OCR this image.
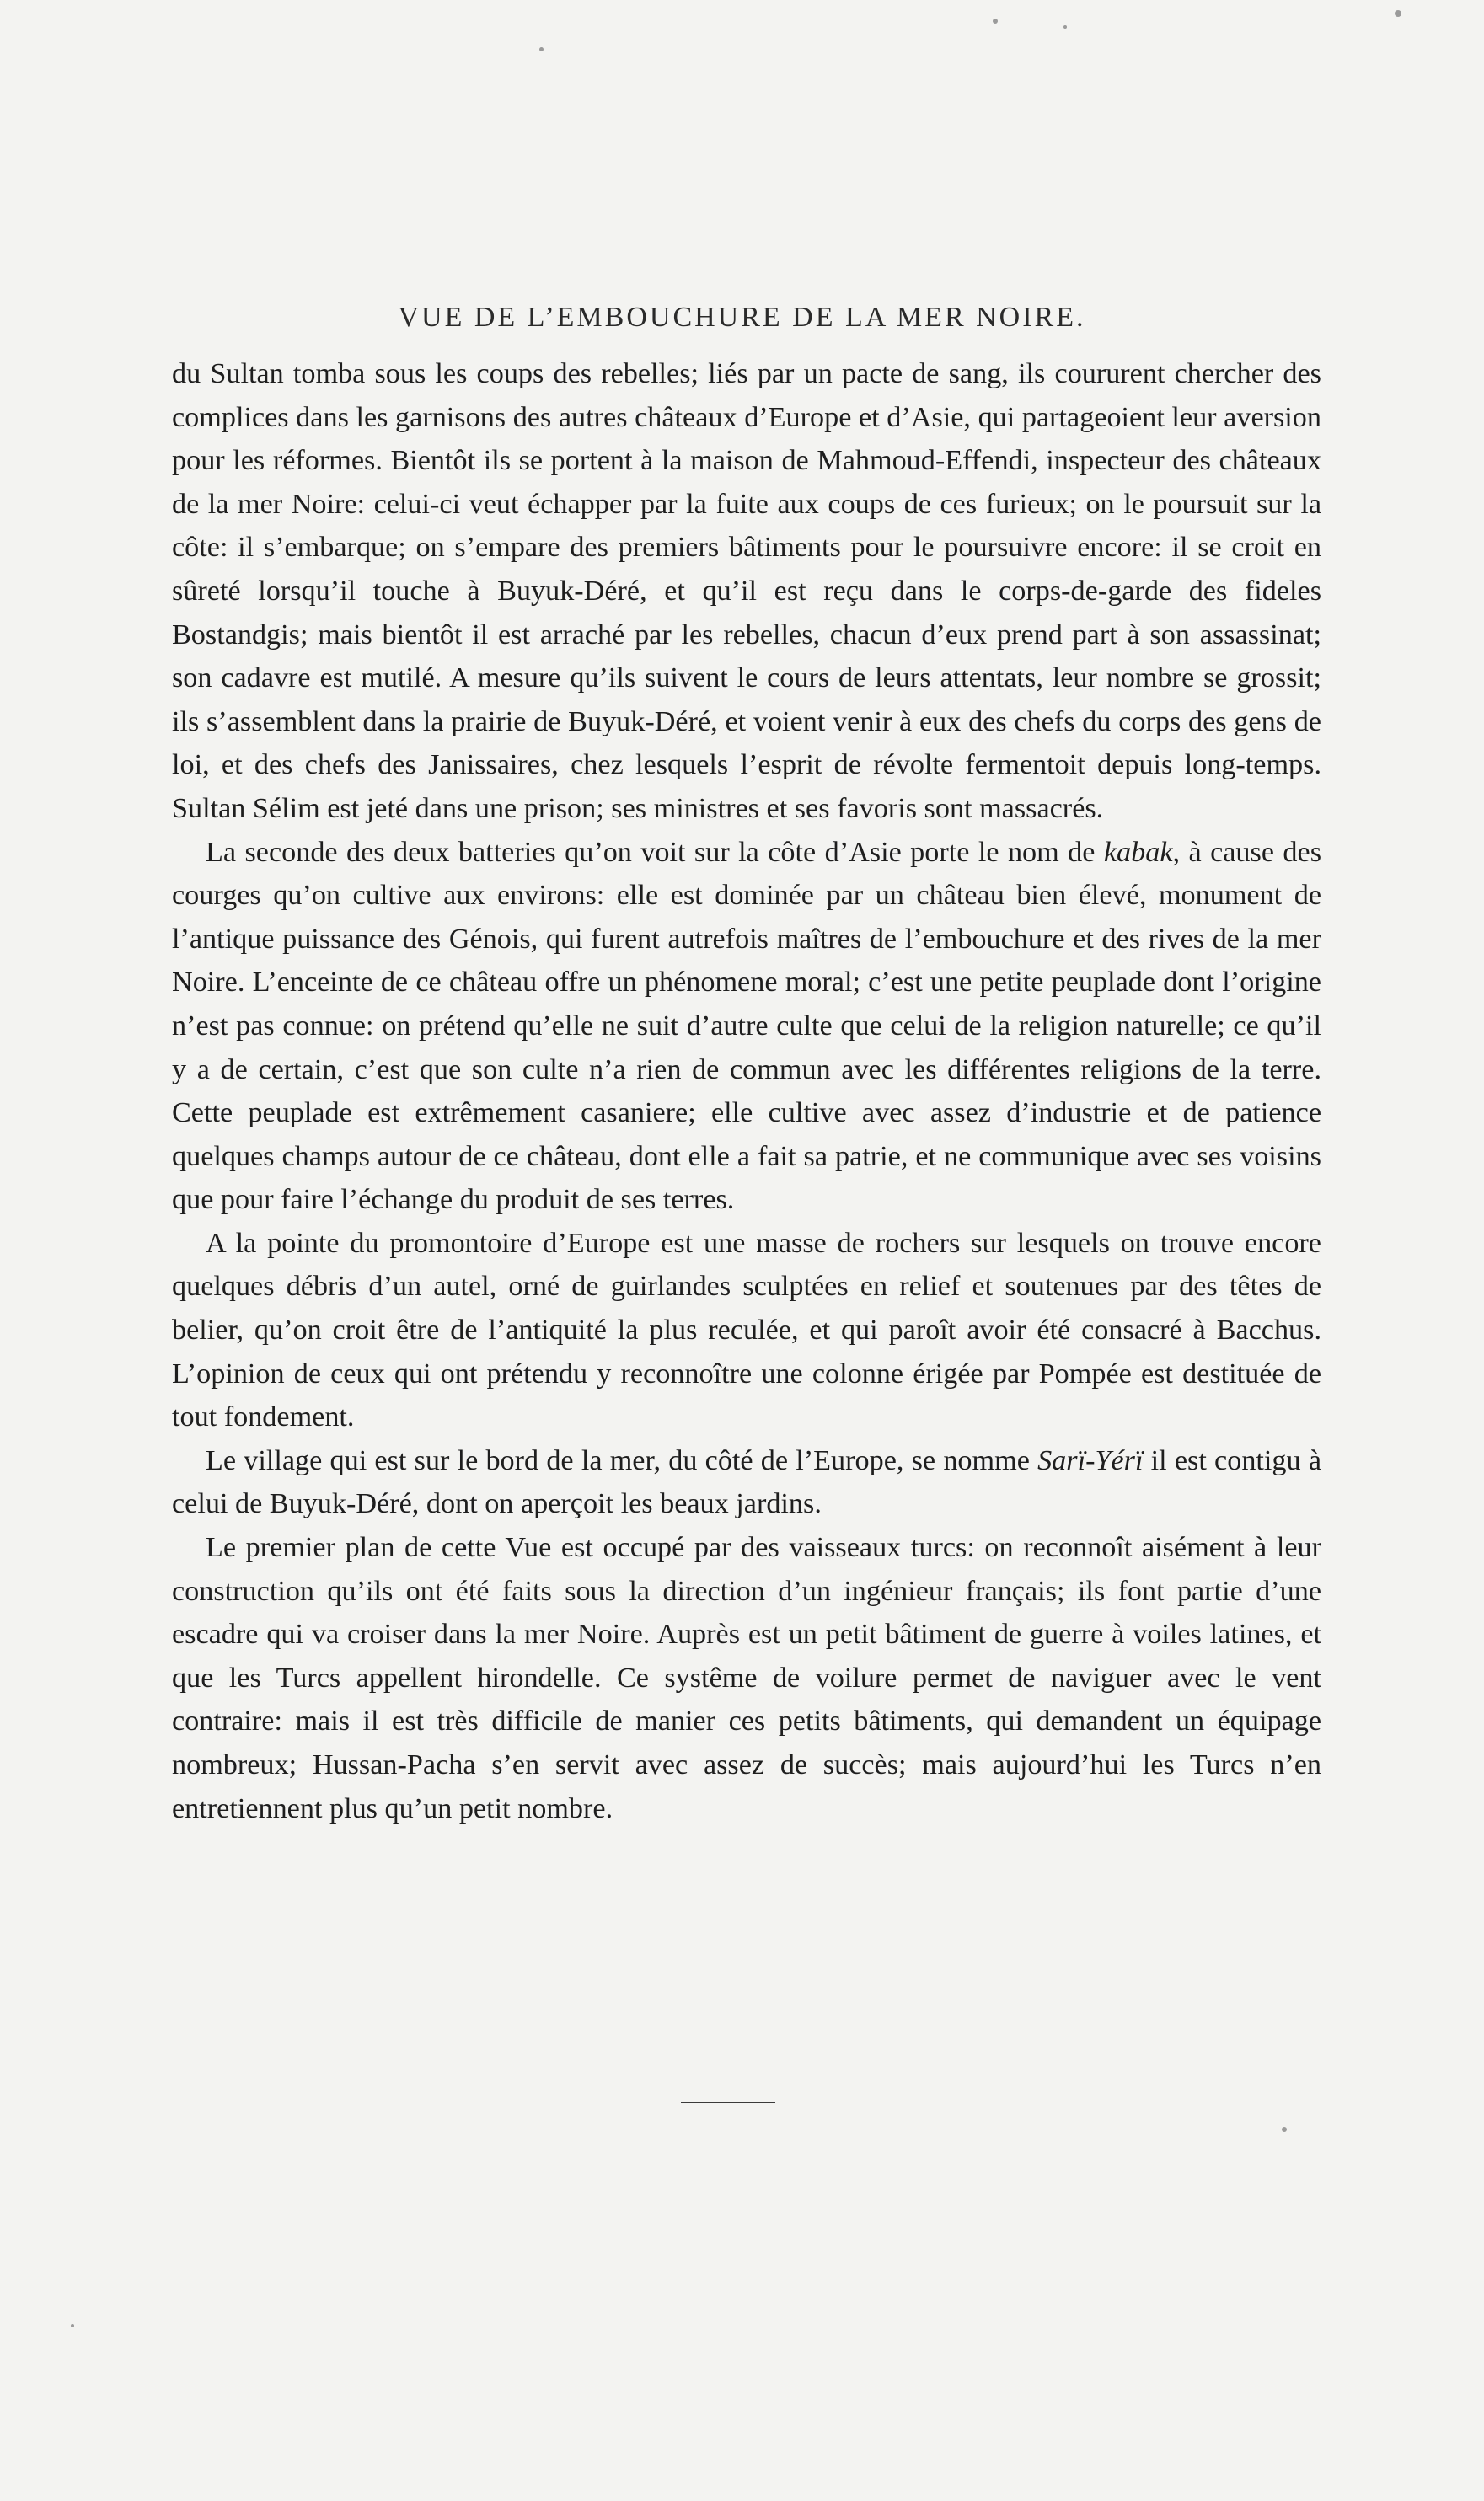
VUE DE L’EMBOUCHURE DE LA MER NOIRE.

du Sultan tomba sous les coups des rebelles; liés par un pacte de sang, ils coururent chercher des complices dans les garnisons des autres châteaux d’Europe et d’Asie, qui partageoient leur aversion pour les réformes. Bientôt ils se portent à la maison de Mahmoud-Effendi, inspecteur des châteaux de la mer Noire: celui-ci veut échapper par la fuite aux coups de ces furieux; on le poursuit sur la côte: il s’embarque; on s’empare des premiers bâtiments pour le poursuivre encore: il se croit en sûreté lorsqu’il touche à Buyuk-Déré, et qu’il est reçu dans le corps-de-garde des fideles Bostandgis; mais bientôt il est arraché par les rebelles, chacun d’eux prend part à son assassinat; son cadavre est mutilé. A mesure qu’ils suivent le cours de leurs attentats, leur nombre se grossit; ils s’assemblent dans la prairie de Buyuk-Déré, et voient venir à eux des chefs du corps des gens de loi, et des chefs des Janissaires, chez lesquels l’esprit de révolte fermentoit depuis long-temps. Sultan Sélim est jeté dans une prison; ses ministres et ses favoris sont massacrés.

La seconde des deux batteries qu’on voit sur la côte d’Asie porte le nom de kabak, à cause des courges qu’on cultive aux environs: elle est dominée par un château bien élevé, monument de l’antique puissance des Génois, qui furent autrefois maîtres de l’embouchure et des rives de la mer Noire. L’enceinte de ce château offre un phénomene moral; c’est une petite peuplade dont l’origine n’est pas connue: on prétend qu’elle ne suit d’autre culte que celui de la religion naturelle; ce qu’il y a de certain, c’est que son culte n’a rien de commun avec les différentes religions de la terre. Cette peuplade est extrêmement casaniere; elle cultive avec assez d’industrie et de patience quelques champs autour de ce château, dont elle a fait sa patrie, et ne communique avec ses voisins que pour faire l’échange du produit de ses terres.

A la pointe du promontoire d’Europe est une masse de rochers sur lesquels on trouve encore quelques débris d’un autel, orné de guirlandes sculptées en relief et soutenues par des têtes de belier, qu’on croit être de l’antiquité la plus reculée, et qui paroît avoir été consacré à Bacchus. L’opinion de ceux qui ont prétendu y reconnoître une colonne érigée par Pompée est destituée de tout fondement.

Le village qui est sur le bord de la mer, du côté de l’Europe, se nomme Sarï-Yérï il est contigu à celui de Buyuk-Déré, dont on aperçoit les beaux jardins.

Le premier plan de cette Vue est occupé par des vaisseaux turcs: on reconnoît aisément à leur construction qu’ils ont été faits sous la direction d’un ingénieur français; ils font partie d’une escadre qui va croiser dans la mer Noire. Auprès est un petit bâtiment de guerre à voiles latines, et que les Turcs appellent hirondelle. Ce systême de voilure permet de naviguer avec le vent contraire: mais il est très difficile de manier ces petits bâtiments, qui demandent un équipage nombreux; Hussan-Pacha s’en servit avec assez de succès; mais aujourd’hui les Turcs n’en entretiennent plus qu’un petit nombre.
